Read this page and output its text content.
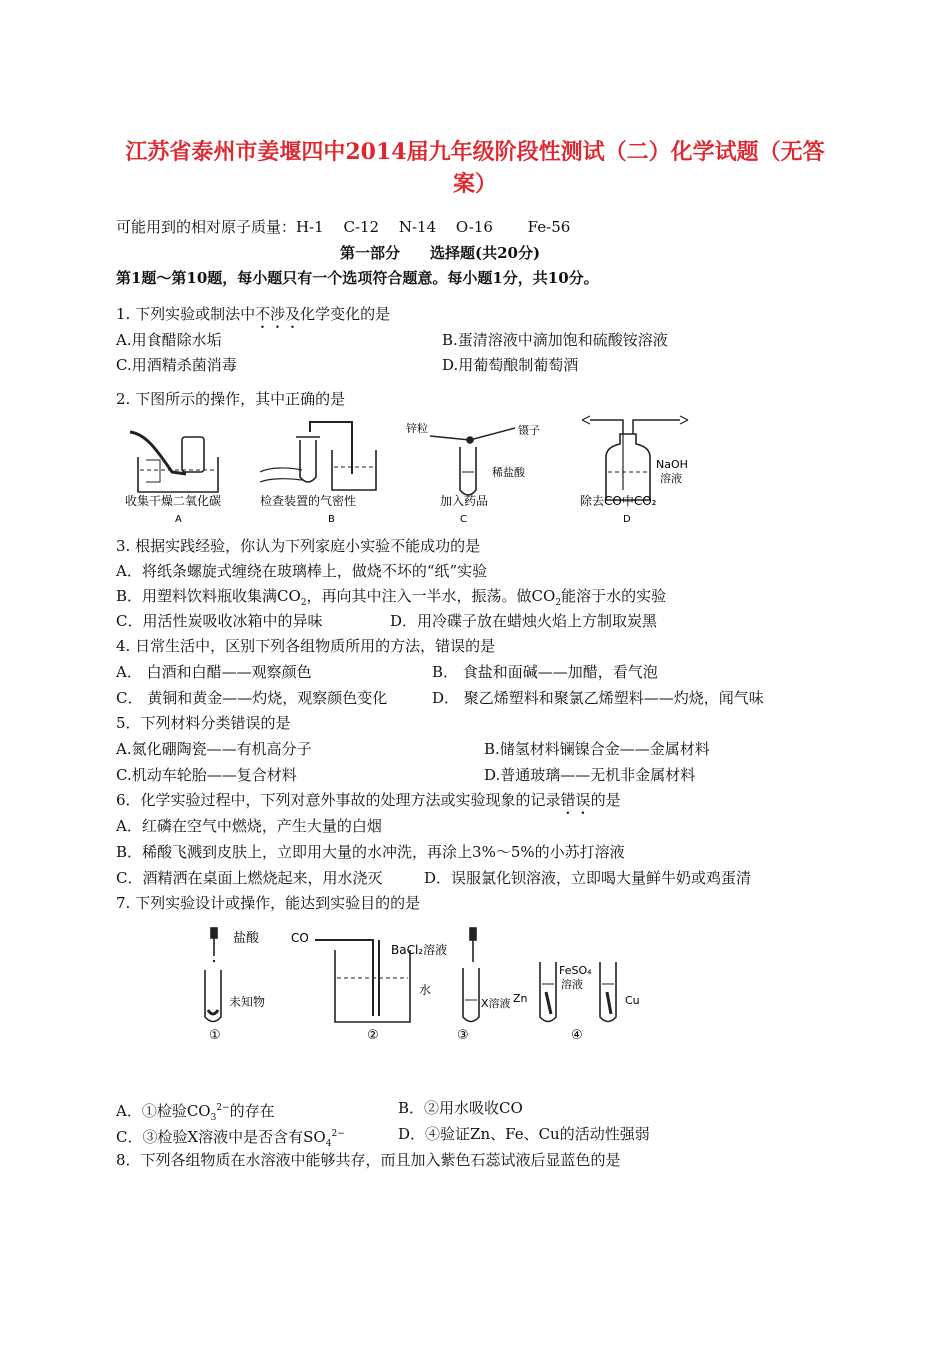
江苏省泰州市姜堰四中2014届九年级阶段性测试（二）化学试题（无答
案）
可能用到的相对原子质量：H-1　 C-12　 N-14　 O-16　　 Fe-56
第一部分　　选择题(共20分)
第1题～第10题，每小题只有一个选项符合题意。每小题1分，共10分。
1. 下列实验或制法中不涉及化学变化的是
A.用食醋除水垢	B.蛋清溶液中滴加饱和硫酸铵溶液
C.用酒精杀菌消毒	D.用葡萄酿制葡萄酒
2. 下图所示的操作，其中正确的是
收集干燥二氧化碳
A
检查装置的气密性
B
锌粒	镊子
稀盐酸
加入药品
C
NaOH
溶液
除去CO中CO₂
D
3. 根据实践经验，你认为下列家庭小实验不能成功的是
A．将纸条螺旋式缠绕在玻璃棒上，做烧不坏的“纸”实验
B．用塑料饮料瓶收集满$CO_2$，再向其中注入一半水，振荡。做$CO_2$能溶于水的实验
C．用活性炭吸收冰箱中的异味	D．用冷碟子放在蜡烛火焰上方制取炭黑
4. 日常生活中，区别下列各组物质所用的方法，错误的是
A． 白酒和白醋——观察颜色	B． 食盐和面碱——加醋，看气泡
C． 黄铜和黄金——灼烧，观察颜色变化	D． 聚乙烯塑料和聚氯乙烯塑料——灼烧，闻气味
5．下列材料分类错误的是
A.氮化硼陶瓷——有机高分子	B.储氢材料镧镍合金——金属材料
C.机动车轮胎——复合材料	D.普通玻璃——无机非金属材料
6．化学实验过程中，下列对意外事故的处理方法或实验现象的记录错误的是
A．红磷在空气中燃烧，产生大量的白烟
B．稀酸飞溅到皮肤上，立即用大量的水冲洗，再涂上3%～5%的小苏打溶液
C．酒精洒在桌面上燃烧起来，用水浇灭	D．误服氯化钡溶液，立即喝大量鲜牛奶或鸡蛋清
7. 下列实验设计或操作，能达到实验目的的是
盐酸
未知物
①
CO
水
②
BaCl₂溶液
X溶液
③
Zn
FeSO₄
溶液
Cu
④
A．①检验$CO_3^{2-}$的存在	B．②用水吸收CO
C．③检验X溶液中是否含有$SO_4^{2-}$	D．④验证Zn、Fe、Cu的活动性强弱
8．下列各组物质在水溶液中能够共存，而且加入紫色石蕊试液后显蓝色的是
